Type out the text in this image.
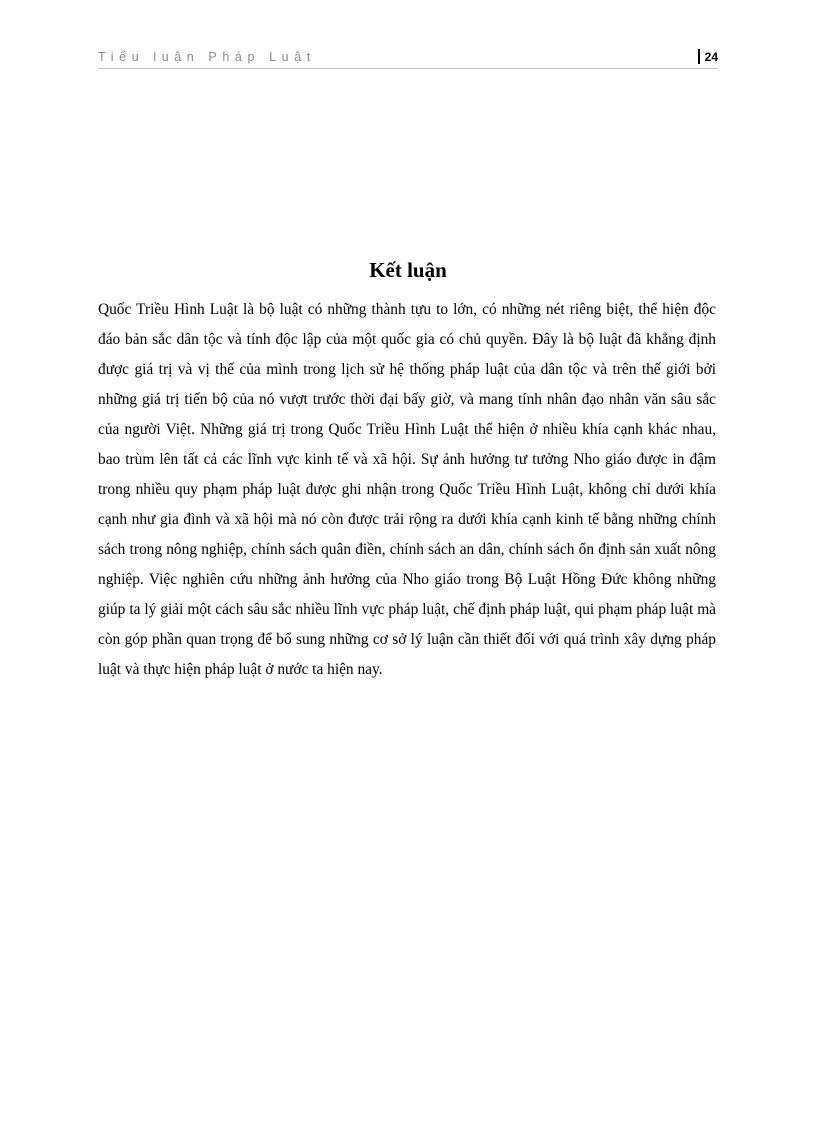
Tiểu luận Pháp Luật	24
Kết luận

Quốc Triều Hình Luật là bộ luật có những thành tựu to lớn, có những nét riêng biệt, thể hiện độc đáo bản sắc dân tộc và tính độc lập của một quốc gia có chủ quyền. Đây là bộ luật đã khẳng định được giá trị và vị thế của mình trong lịch sử hệ thống pháp luật của dân tộc và trên thế giới bởi những giá trị tiến bộ của nó vượt trước thời đại bấy giờ, và mang tính nhân đạo nhân văn sâu sắc của người Việt. Những giá trị trong Quốc Triều Hình Luật thể hiện ở nhiều khía cạnh khác nhau, bao trùm lên tất cả các lĩnh vực kinh tế và xã hội. Sự ảnh hưởng tư tưởng Nho giáo được in đậm trong nhiều quy phạm pháp luật được ghi nhận trong Quốc Triều Hình Luật, không chỉ dưới khía cạnh như gia đình và xã hội mà nó còn được trải rộng ra dưới khía cạnh kinh tế bằng những chính sách trong nông nghiệp, chính sách quân điền, chính sách an dân, chính sách ổn định sản xuất nông nghiệp. Việc nghiên cứu những ảnh hưởng của Nho giáo trong Bộ Luật Hồng Đức không những giúp ta lý giải một cách sâu sắc nhiều lĩnh vực pháp luật, chế định pháp luật, qui phạm pháp luật mà còn góp phần quan trọng để bổ sung những cơ sở lý luận cần thiết đối với quá trình xây dựng pháp luật và thực hiện pháp luật ở nước ta hiện nay.
